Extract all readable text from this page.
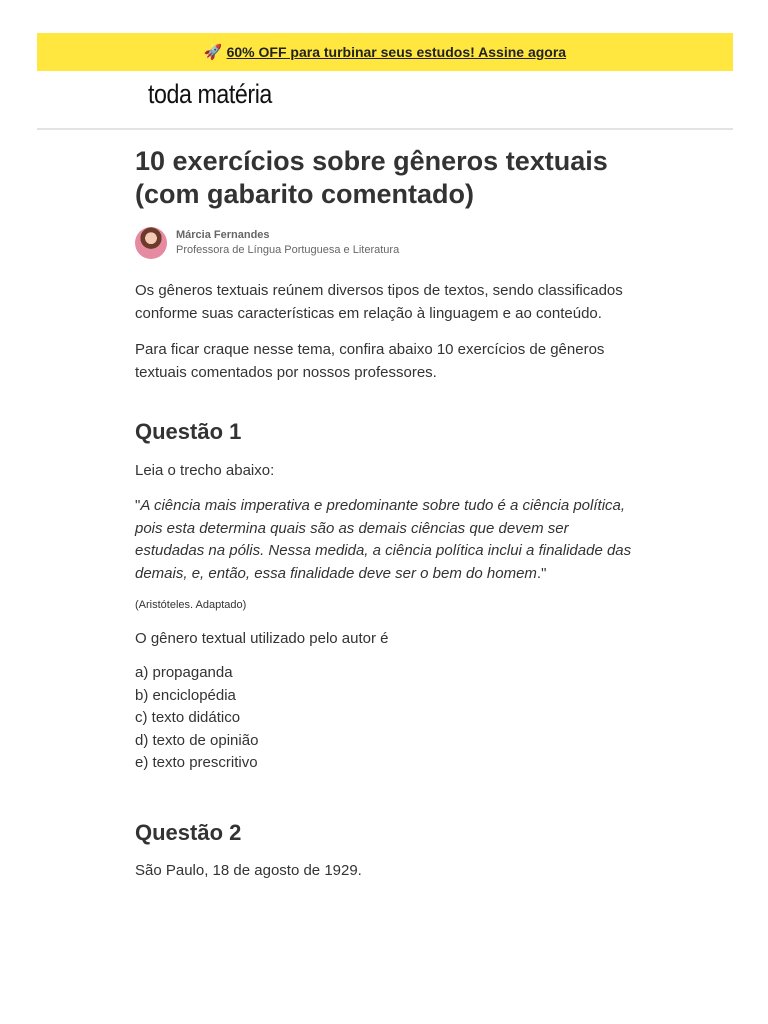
🚀 60% OFF para turbinar seus estudos! Assine agora
toda matéria
10 exercícios sobre gêneros textuais (com gabarito comentado)
Márcia Fernandes
Professora de Língua Portuguesa e Literatura

Os gêneros textuais reúnem diversos tipos de textos, sendo classificados conforme suas características em relação à linguagem e ao conteúdo.

Para ficar craque nesse tema, confira abaixo 10 exercícios de gêneros textuais comentados por nossos professores.

Questão 1

Leia o trecho abaixo:

"A ciência mais imperativa e predominante sobre tudo é a ciência política, pois esta determina quais são as demais ciências que devem ser estudadas na pólis. Nessa medida, a ciência política inclui a finalidade das demais, e, então, essa finalidade deve ser o bem do homem."

(Aristóteles. Adaptado)

O gênero textual utilizado pelo autor é

a) propaganda
b) enciclopédia
c) texto didático
d) texto de opinião
e) texto prescritivo
Questão 2

São Paulo, 18 de agosto de 1929.
